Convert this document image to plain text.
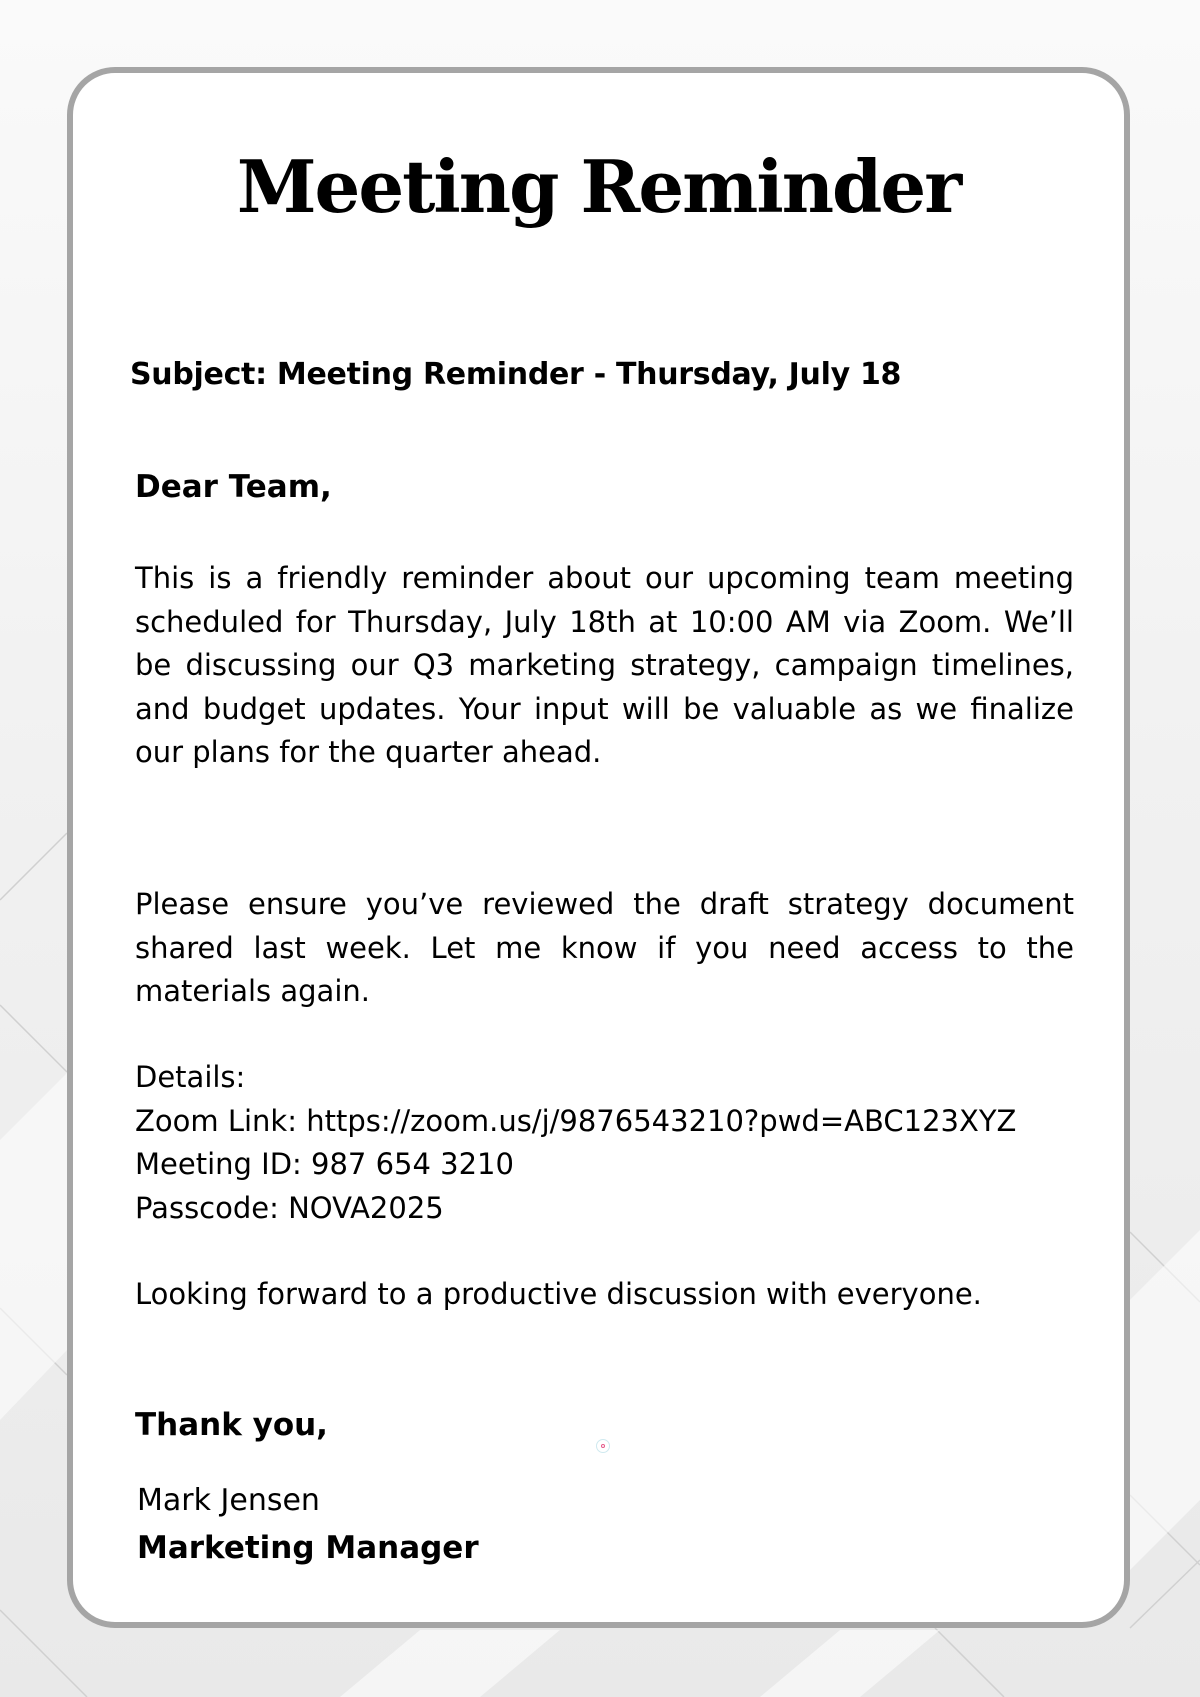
Meeting Reminder
Subject: Meeting Reminder - Thursday, July 18
Dear Team,
This is a friendly reminder about our upcoming team meeting scheduled for Thursday, July 18th at 10:00 AM via Zoom. We’ll be discussing our Q3 marketing strategy, campaign timelines, and budget updates. Your input will be valuable as we finalize our plans for the quarter ahead.
Please ensure you’ve reviewed the draft strategy document shared last week. Let me know if you need access to the materials again.
Details:
Zoom Link: https://zoom.us/j/9876543210?pwd=ABC123XYZ
Meeting ID: 987 654 3210
Passcode: NOVA2025
Looking forward to a productive discussion with everyone.
Thank you,
Mark Jensen
Marketing Manager
